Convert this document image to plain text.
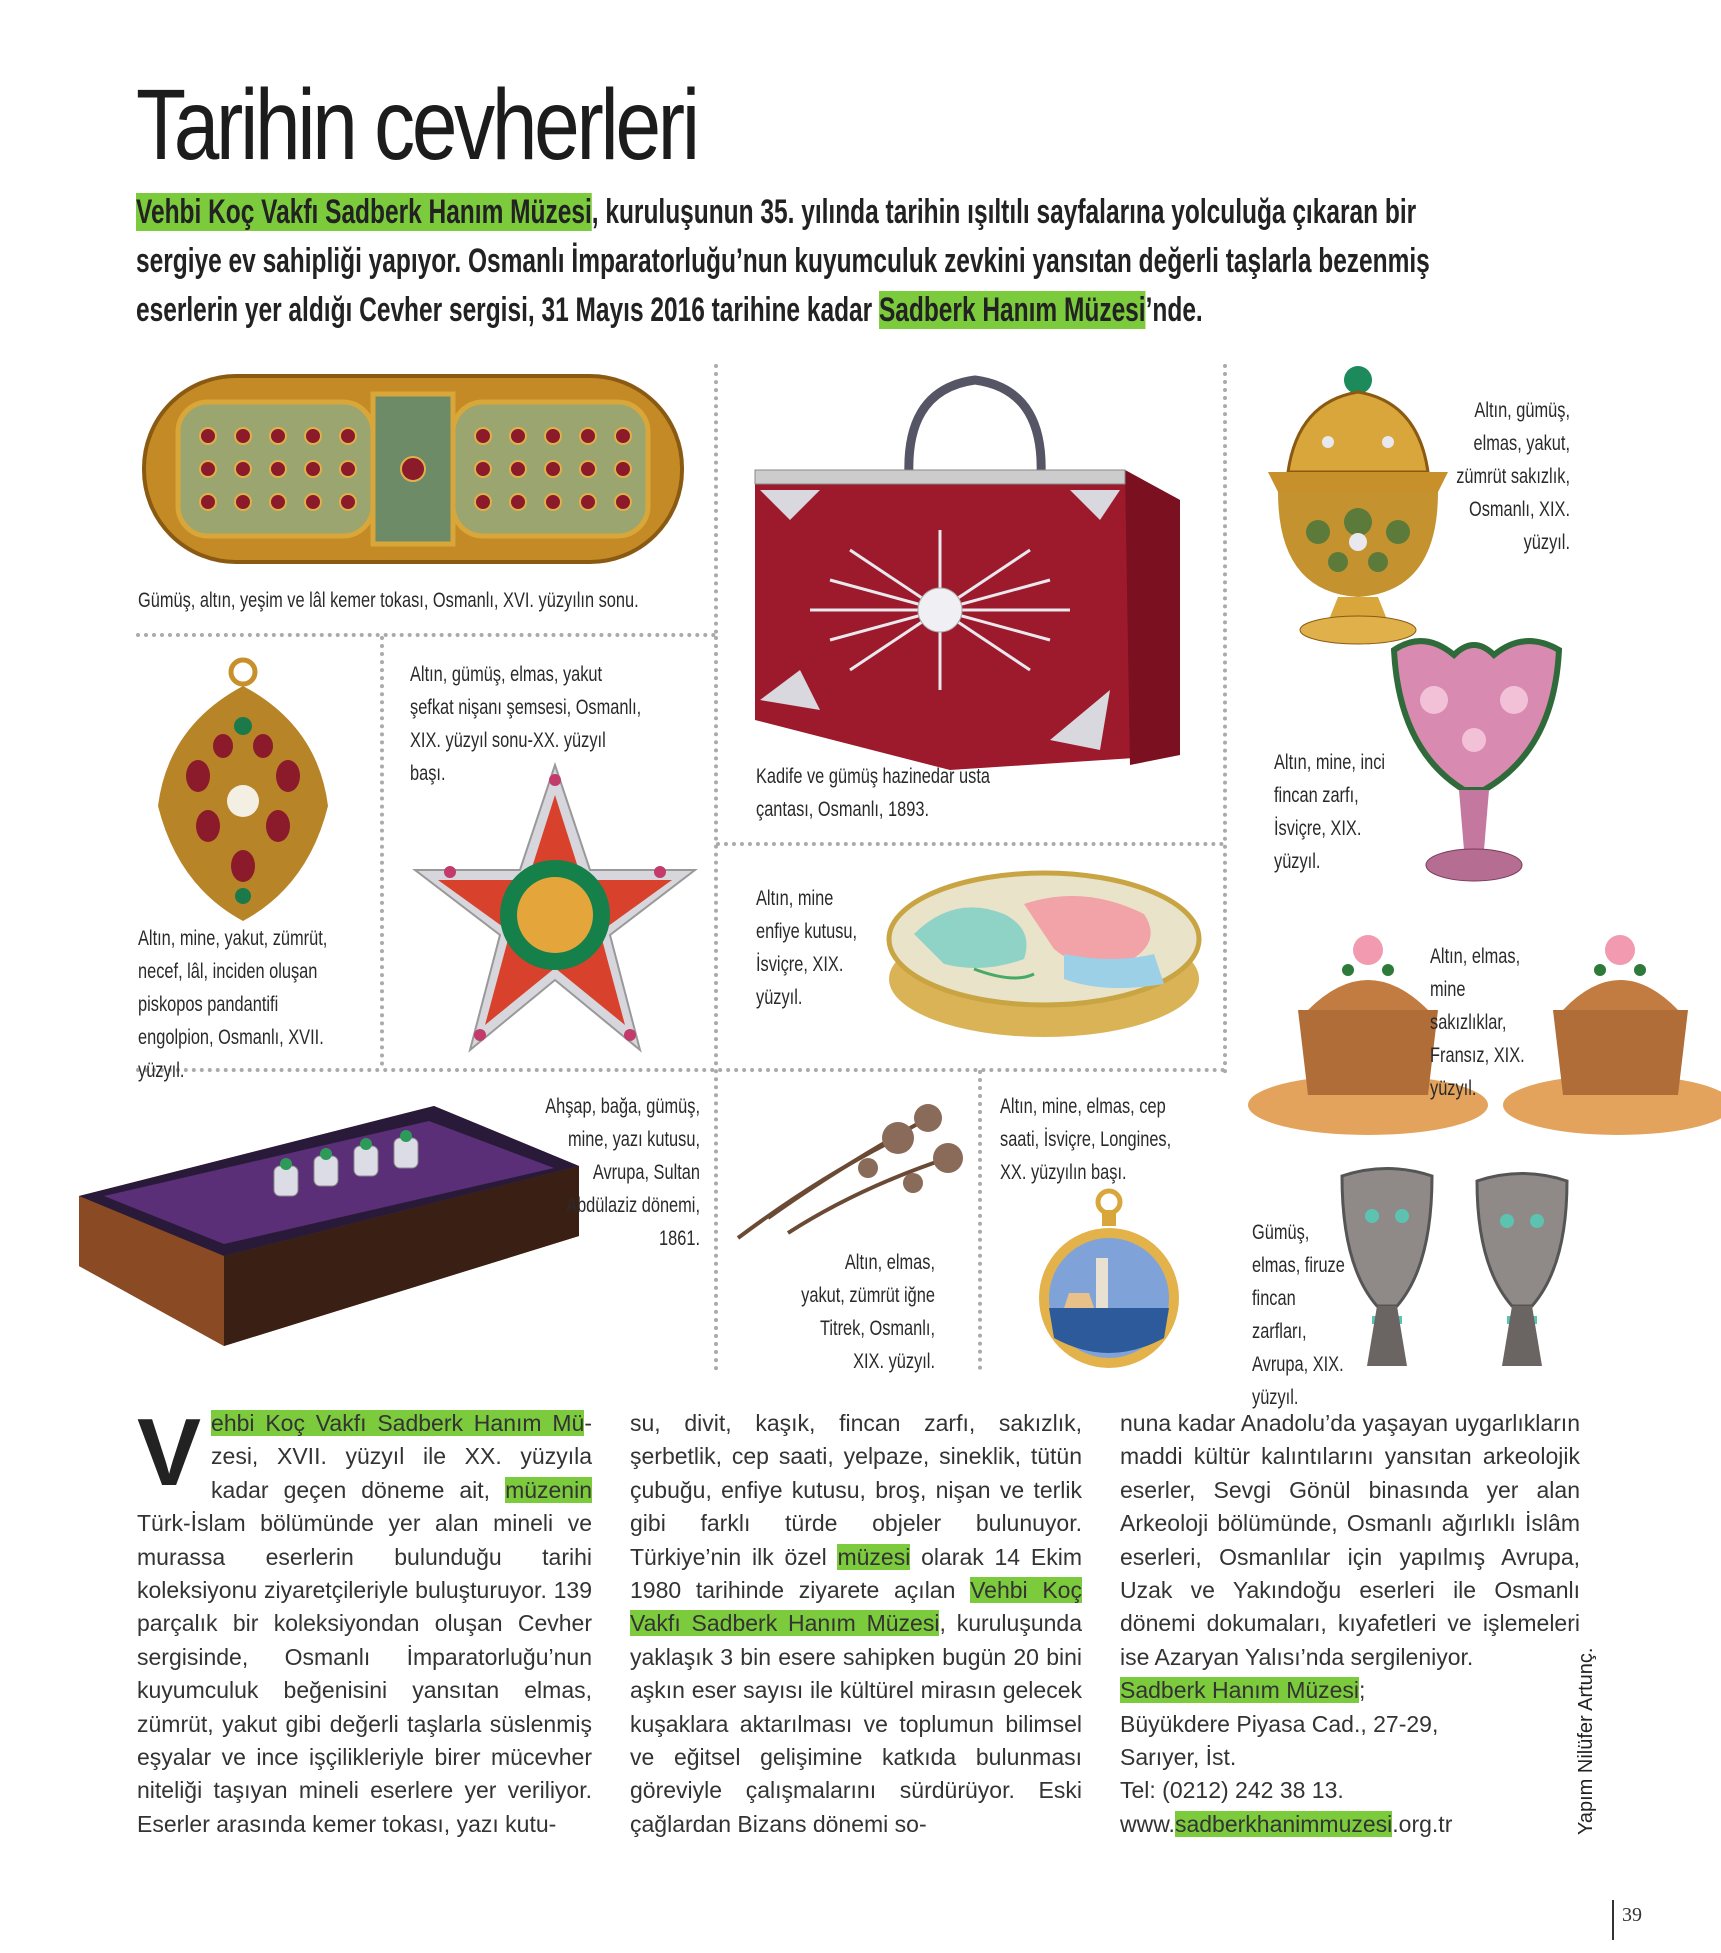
Tarihin cevherleri
Vehbi Koç Vakfı Sadberk Hanım Müzesi, kuruluşunun 35. yılında tarihin ışıltılı sayfalarına yolculuğa çıkaran bir sergiye ev sahipliği yapıyor. Osmanlı İmparatorluğu’nun kuyumculuk zevkini yansıtan değerli taşlarla bezenmiş eserlerin yer aldığı Cevher sergisi, 31 Mayıs 2016 tarihine kadar Sadberk Hanım Müzesi’nde.
Gümüş, altın, yeşim ve lâl kemer tokası, Osmanlı, XVI. yüzyılın sonu.
Kadife ve gümüş hazinedar usta çantası, Osmanlı, 1893.
Altın, gümüş, elmas, yakut, zümrüt sakızlık, Osmanlı, XIX. yüzyıl.
Altın, mine, yakut, zümrüt, necef, lâl, inciden oluşan piskopos pandantifi engolpion, Osmanlı, XVII. yüzyıl.
Altın, gümüş, elmas, yakut şefkat nişanı şemsesi, Osmanlı, XIX. yüzyıl sonu-XX. yüzyıl başı.
Altın, mine enfiye kutusu, İsviçre, XIX. yüzyıl.
Altın, mine, inci fincan zarfı, İsviçre, XIX. yüzyıl.
Altın, elmas, mine sakızlıklar, Fransız, XIX. yüzyıl.
Ahşap, bağa, gümüş, mine, yazı kutusu, Avrupa, Sultan Abdülaziz dönemi, 1861.
Altın, elmas, yakut, zümrüt iğne Titrek, Osmanlı, XIX. yüzyıl.
Altın, mine, elmas, cep saati, İsviçre, Longines, XX. yüzyılın başı.
Gümüş, elmas, firuze fincan zarfları, Avrupa, XIX. yüzyıl.
Vehbi Koç Vakfı Sadberk Hanım Mü-zesi, XVII. yüzyıl ile XX. yüzyıla kadar geçen döneme ait, müzenin Türk-İslam bölümünde yer alan mineli ve murassa eserlerin bulunduğu tarihi koleksiyonu ziyaretçileriyle buluşturuyor. 139 parçalık bir koleksiyondan oluşan Cevher sergisinde, Osmanlı İmparatorluğu’nun kuyumculuk beğenisini yansıtan elmas, zümrüt, yakut gibi değerli taşlarla süslenmiş eşyalar ve ince işçilikleriyle birer mücevher niteliği taşıyan mineli eserlere yer veriliyor. Eserler arasında kemer tokası, yazı kutu-
su, divit, kaşık, fincan zarfı, sakızlık, şerbetlik, cep saati, yelpaze, sineklik, tütün çubuğu, enfiye kutusu, broş, nişan ve terlik gibi farklı türde objeler bulunuyor. Türkiye’nin ilk özel müzesi olarak 14 Ekim 1980 tarihinde ziyarete açılan Vehbi Koç Vakfı Sadberk Hanım Müzesi, kuruluşunda yaklaşık 3 bin esere sahipken bugün 20 bini aşkın eser sayısı ile kültürel mirasın gelecek kuşaklara aktarılması ve toplumun bilimsel ve eğitsel gelişimine katkıda bulunması göreviyle çalışmalarını sürdürüyor. Eski çağlardan Bizans dönemi so-
nuna kadar Anadolu’da yaşayan uygarlıkların maddi kültür kalıntılarını yansıtan arkeolojik eserler, Sevgi Gönül binasında yer alan Arkeoloji bölümünde, Osmanlı ağırlıklı İslâm eserleri, Osmanlılar için yapılmış Avrupa, Uzak ve Yakındoğu eserleri ile Osmanlı dönemi dokumaları, kıyafetleri ve işlemeleri ise Azaryan Yalısı’nda sergileniyor.
Sadberk Hanım Müzesi;
Büyükdere Piyasa Cad., 27-29,
Sarıyer, İst.
Tel: (0212) 242 38 13.
www.sadberkhanimmuzesi.org.tr	Yapım Nilüfer Artunç.
39
